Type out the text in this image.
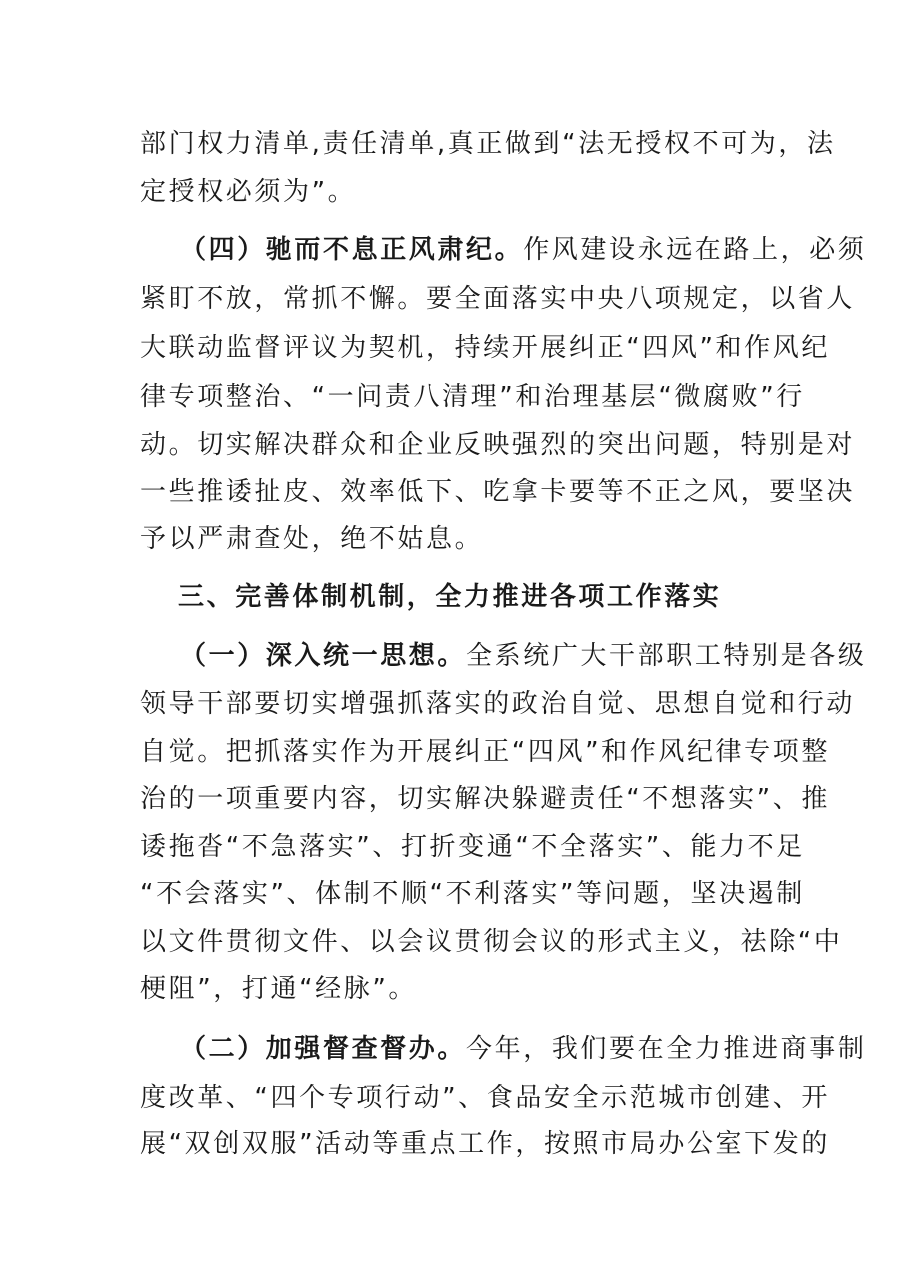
部门权力清单,责任清单,真正做到“法无授权不可为，法
定授权必须为”。
（四）驰而不息正风肃纪。作风建设永远在路上，必须
紧盯不放，常抓不懈。要全面落实中央八项规定，以省人
大联动监督评议为契机，持续开展纠正“四风”和作风纪
律专项整治、“一问责八清理”和治理基层“微腐败”行
动。切实解决群众和企业反映强烈的突出问题，特别是对
一些推诿扯皮、效率低下、吃拿卡要等不正之风，要坚决
予以严肃查处，绝不姑息。
三、完善体制机制，全力推进各项工作落实
（一）深入统一思想。全系统广大干部职工特别是各级
领导干部要切实增强抓落实的政治自觉、思想自觉和行动
自觉。把抓落实作为开展纠正“四风”和作风纪律专项整
治的一项重要内容，切实解决躲避责任“不想落实”、推
诿拖沓“不急落实”、打折变通“不全落实”、能力不足
“不会落实”、体制不顺“不利落实”等问题，坚决遏制
以文件贯彻文件、以会议贯彻会议的形式主义，祛除“中
梗阻”，打通“经脉”。
（二）加强督查督办。今年，我们要在全力推进商事制
度改革、“四个专项行动”、食品安全示范城市创建、开
展“双创双服”活动等重点工作，按照市局办公室下发的
